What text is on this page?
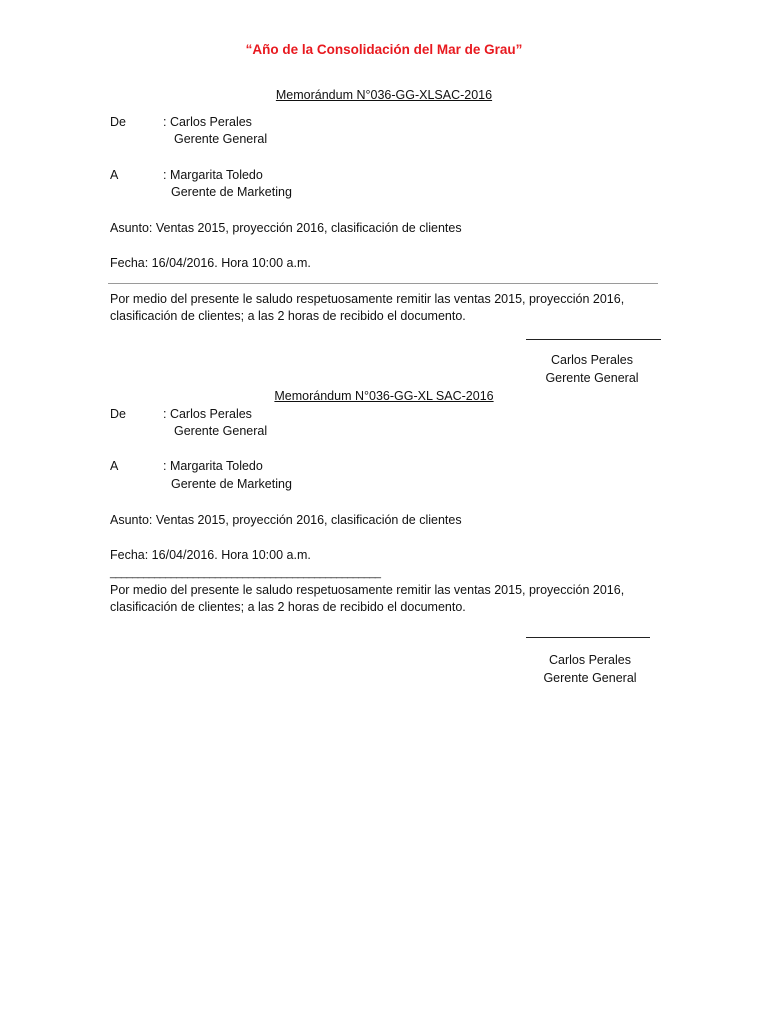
“Año de la Consolidación del Mar de Grau”
Memorándum N°036-GG-XLSAC-2016
De	: Carlos Perales
Gerente General
A	: Margarita Toledo
Gerente de Marketing
Asunto: Ventas 2015, proyección 2016, clasificación de clientes
Fecha: 16/04/2016. Hora 10:00 a.m.
Por medio del presente le saludo respetuosamente remitir las ventas 2015, proyección 2016,
clasificación de clientes; a las 2 horas de recibido el documento.
Carlos Perales
Gerente General
Memorándum N°036-GG-XL SAC-2016
De	: Carlos Perales
Gerente General
A	: Margarita Toledo
Gerente de Marketing
Asunto: Ventas 2015, proyección 2016, clasificación de clientes
Fecha: 16/04/2016. Hora 10:00 a.m.
_________________________________________________
Por medio del presente le saludo respetuosamente remitir las ventas 2015, proyección 2016,
clasificación de clientes; a las 2 horas de recibido el documento.
Carlos Perales
Gerente General
